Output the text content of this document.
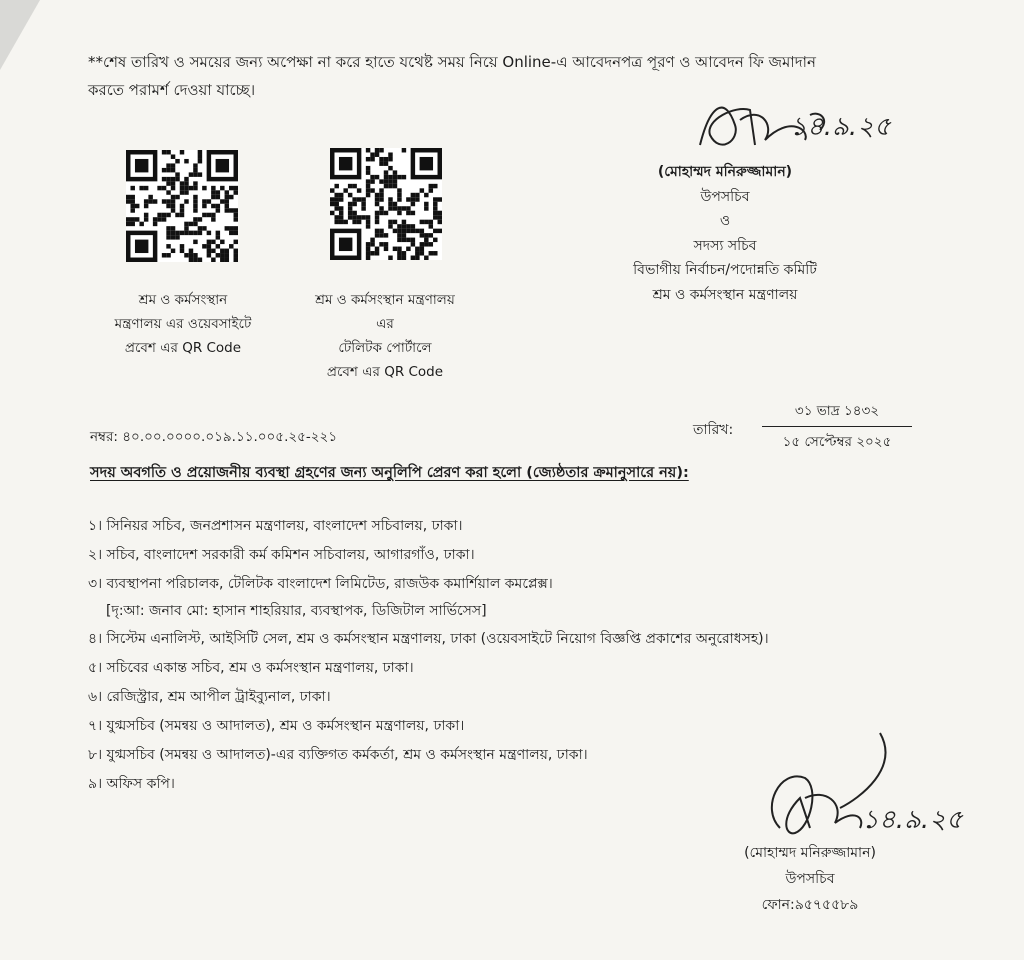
**শেষ তারিখ ও সময়ের জন্য অপেক্ষা না করে হাতে যথেষ্ট সময় নিয়ে Online-এ আবেদনপত্র পূরণ ও আবেদন ফি জমাদান
করতে পরামর্শ দেওয়া যাচ্ছে।
১৪.৯.২৫
(মোহাম্মদ মনিরুজ্জামান)
উপসচিব
ও
সদস্য সচিব
বিভাগীয় নির্বাচন/পদোন্নতি কমিটি
শ্রম ও কর্মসংস্থান মন্ত্রণালয়
শ্রম ও কর্মসংস্থান
মন্ত্রণালয় এর ওয়েবসাইটে
প্রবেশ এর QR Code
শ্রম ও কর্মসংস্থান মন্ত্রণালয়
এর
টেলিটক পোর্টালে
প্রবেশ এর QR Code
নম্বর: ৪০.০০.০০০০.০১৯.১১.০০৫.২৫-২২১	তারিখ:
৩১ ভাদ্র ১৪৩২
১৫ সেপ্টেম্বর ২০২৫
সদয় অবগতি ও প্রয়োজনীয় ব্যবস্থা গ্রহণের জন্য অনুলিপি প্রেরণ করা হলো (জ্যেষ্ঠতার ক্রমানুসারে নয়):
১। সিনিয়র সচিব, জনপ্রশাসন মন্ত্রণালয়, বাংলাদেশ সচিবালয়, ঢাকা।
২। সচিব, বাংলাদেশ সরকারী কর্ম কমিশন সচিবালয়, আগারগাঁও, ঢাকা।
৩। ব্যবস্থাপনা পরিচালক, টেলিটক বাংলাদেশ লিমিটেড, রাজউক কমার্শিয়াল কমপ্লেক্স।
[দৃ:আ: জনাব মো: হাসান শাহরিয়ার, ব্যবস্থাপক, ডিজিটাল সার্ভিসেস]
৪। সিস্টেম এনালিস্ট, আইসিটি সেল, শ্রম ও কর্মসংস্থান মন্ত্রণালয়, ঢাকা (ওয়েবসাইটে নিয়োগ বিজ্ঞপ্তি প্রকাশের অনুরোধসহ)।
৫। সচিবের একান্ত সচিব, শ্রম ও কর্মসংস্থান মন্ত্রণালয়, ঢাকা।
৬। রেজিস্ট্রার, শ্রম আপীল ট্রাইব্যুনাল, ঢাকা।
৭। যুগ্মসচিব (সমন্বয় ও আদালত), শ্রম ও কর্মসংস্থান মন্ত্রণালয়, ঢাকা।
৮। যুগ্মসচিব (সমন্বয় ও আদালত)-এর ব্যক্তিগত কর্মকর্তা, শ্রম ও কর্মসংস্থান মন্ত্রণালয়, ঢাকা।
৯। অফিস কপি।
১৪.৯.২৫
(মোহাম্মদ মনিরুজ্জামান)
উপসচিব
ফোন:৯৫৭৫৫৮৯
